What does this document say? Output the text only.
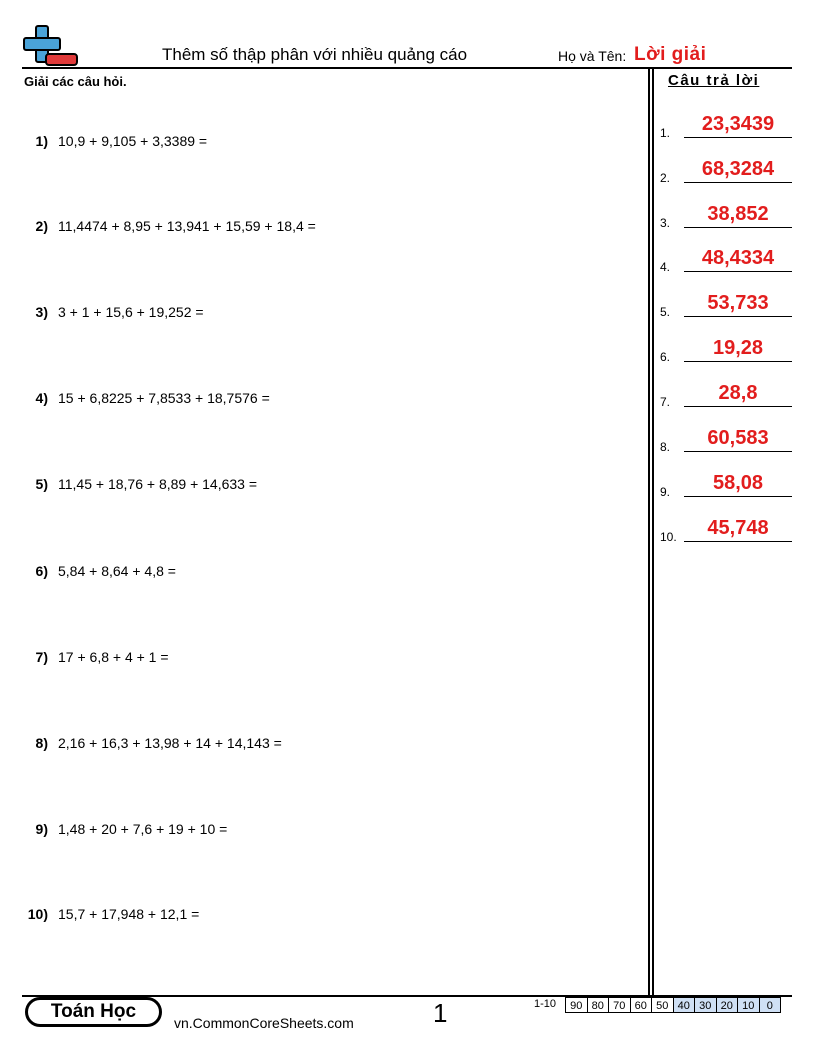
Thêm số thập phân với nhiều quảng cáo	Họ và Tên: Lời giải
Giải các câu hỏi.	Câu trả lời
1) 10,9 + 9,105 + 3,3389 =
2) 11,4474 + 8,95 + 13,941 + 15,59 + 18,4 =
3) 3 + 1 + 15,6 + 19,252 =
4) 15 + 6,8225 + 7,8533 + 18,7576 =
5) 11,45 + 18,76 + 8,89 + 14,633 =
6) 5,84 + 8,64 + 4,8 =
7) 17 + 6,8 + 4 + 1 =
8) 2,16 + 16,3 + 13,98 + 14 + 14,143 =
9) 1,48 + 20 + 7,6 + 19 + 10 =
10) 15,7 + 17,948 + 12,1 =
1.	23,3439
2.	68,3284
3.	38,852
4.	48,4334
5.	53,733
6.	19,28
7.	28,8
8.	60,583
9.	58,08
10.	45,748
Toán Học
vn.CommonCoreSheets.com	1	1-10	90 80 70 60 50 40 30 20 10	0
